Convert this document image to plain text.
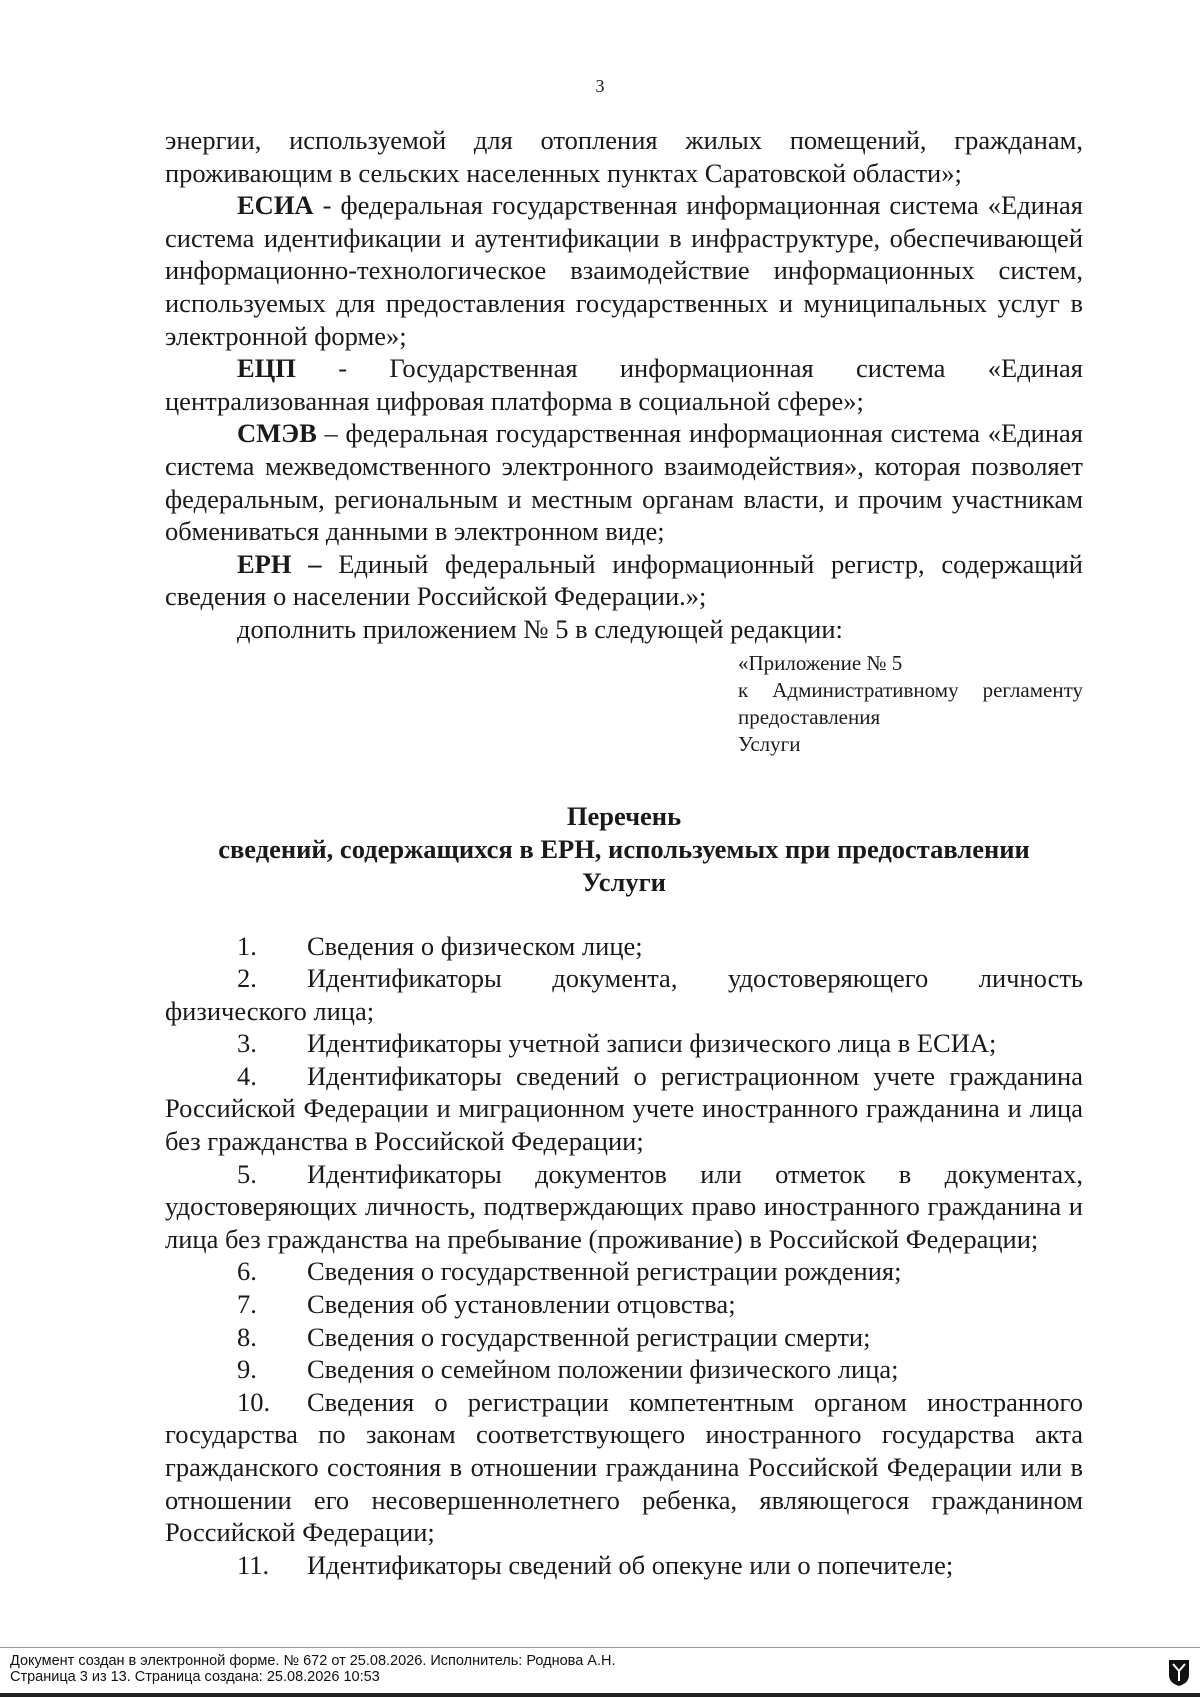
3

энергии, используемой для отопления жилых помещений, гражданам, проживающим в сельских населенных пунктах Саратовской области»;

ЕСИА - федеральная государственная информационная система «Единая система идентификации и аутентификации в инфраструктуре, обеспечивающей информационно-технологическое взаимодействие информационных систем, используемых для предоставления государственных и муниципальных услуг в электронной форме»;

ЕЦП - Государственная информационная система «Единая централизованная цифровая платформа в социальной сфере»;

СМЭВ – федеральная государственная информационная система «Единая система межведомственного электронного взаимодействия», которая позволяет федеральным, региональным и местным органам власти, и прочим участникам обмениваться данными в электронном виде;

ЕРН – Единый федеральный информационный регистр, содержащий сведения о населении Российской Федерации.»;

дополнить приложением № 5 в следующей редакции:

«Приложение № 5
к Административному регламенту предоставления
Услуги
Перечень
сведений, содержащихся в ЕРН, используемых при предоставлении
Услуги

1. Сведения о физическом лице;

2. Идентификаторы документа, удостоверяющего личность физического лица;

3. Идентификаторы учетной записи физического лица в ЕСИА;

4. Идентификаторы сведений о регистрационном учете гражданина Российской Федерации и миграционном учете иностранного гражданина и лица без гражданства в Российской Федерации;

5. Идентификаторы документов или отметок в документах, удостоверяющих личность, подтверждающих право иностранного гражданина и лица без гражданства на пребывание (проживание) в Российской Федерации;

6. Сведения о государственной регистрации рождения;

7. Сведения об установлении отцовства;

8. Сведения о государственной регистрации смерти;

9. Сведения о семейном положении физического лица;

10. Сведения о регистрации компетентным органом иностранного государства по законам соответствующего иностранного государства акта гражданского состояния в отношении гражданина Российской Федерации или в отношении его несовершеннолетнего ребенка, являющегося гражданином Российской Федерации;

11. Идентификаторы сведений об опекуне или о попечителе;

Документ создан в электронной форме. № 672 от 25.08.2026. Исполнитель: Роднова А.Н.
Страница 3 из 13. Страница создана: 25.08.2026 10:53
